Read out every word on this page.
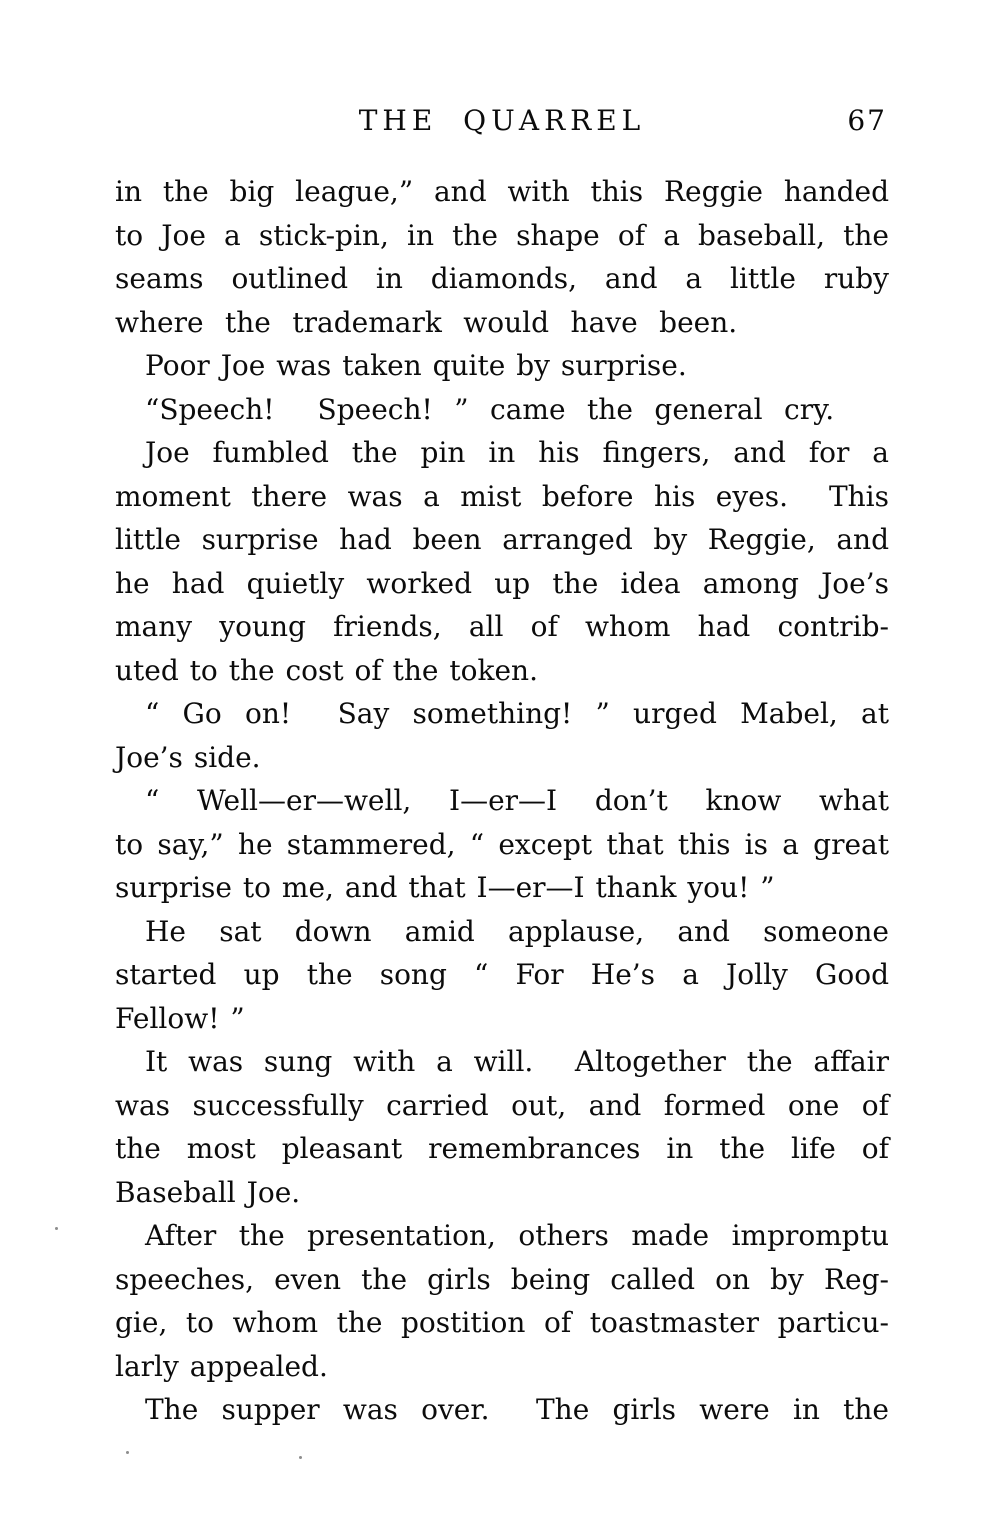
THE QUARREL	67
in the big league,” and with this Reggie handed
to Joe a stick-pin, in the shape of a baseball, the
seams outlined in diamonds, and a little ruby
where the trademark would have been.
Poor Joe was taken quite by surprise.
“Speech!  Speech! ” came the general cry.
Joe fumbled the pin in his fingers, and for a
moment there was a mist before his eyes.  This
little surprise had been arranged by Reggie, and
he had quietly worked up the idea among Joe’s
many young friends, all of whom had contrib-
uted to the cost of the token.
“ Go on!  Say something! ” urged Mabel, at
Joe’s side.
“ Well—er—well, I—er—I don’t know what
to say,” he stammered, “ except that this is a great
surprise to me, and that I—er—I thank you! ”
He sat down amid applause, and someone
started up the song “ For He’s a Jolly Good
Fellow! ”
It was sung with a will.  Altogether the affair
was successfully carried out, and formed one of
the most pleasant remembrances in the life of
Baseball Joe.
After the presentation, others made impromptu
speeches, even the girls being called on by Reg-
gie, to whom the postition of toastmaster particu-
larly appealed.
The supper was over.  The girls were in the
